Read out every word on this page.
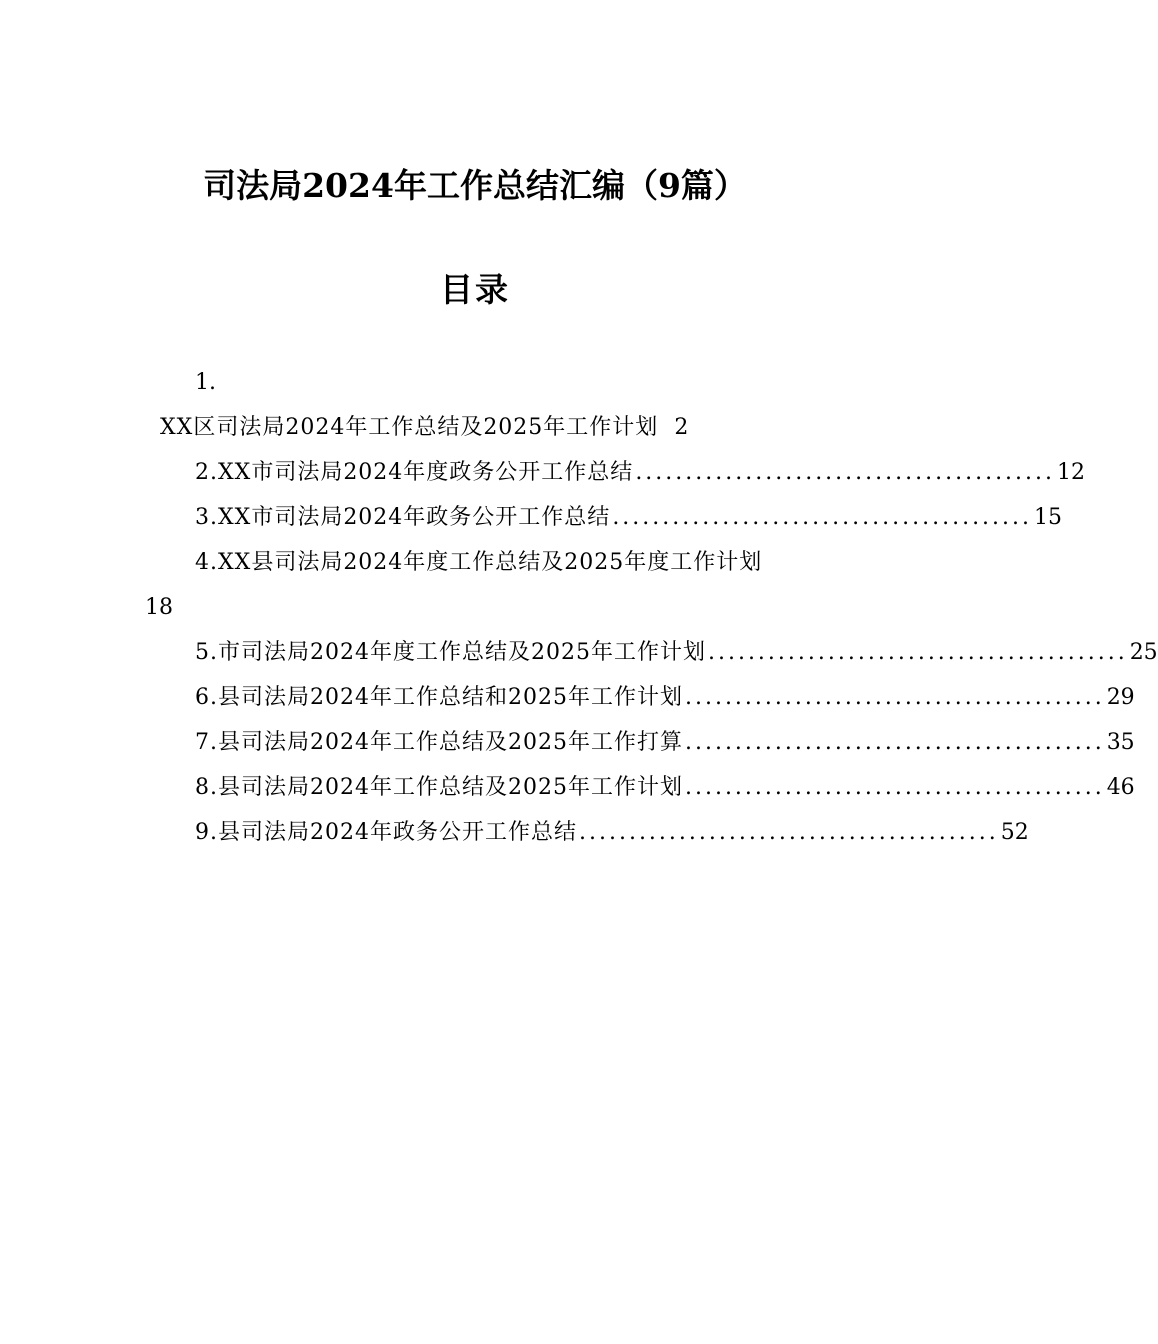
司法局2024年工作总结汇编（9篇）
目录
1.
XX区司法局2024年工作总结及2025年工作计划 2
2.XX市司法局2024年度政务公开工作总结 .......................................... 12
3.XX市司法局2024年政务公开工作总结 .......................................... 15
4.XX县司法局2024年度工作总结及2025年度工作计划
18
5.市司法局2024年度工作总结及2025年工作计划 .......................................... 25
6.县司法局2024年工作总结和2025年工作计划 .......................................... 29
7.县司法局2024年工作总结及2025年工作打算 .......................................... 35
8.县司法局2024年工作总结及2025年工作计划 .......................................... 46
9.县司法局2024年政务公开工作总结 .......................................... 52
